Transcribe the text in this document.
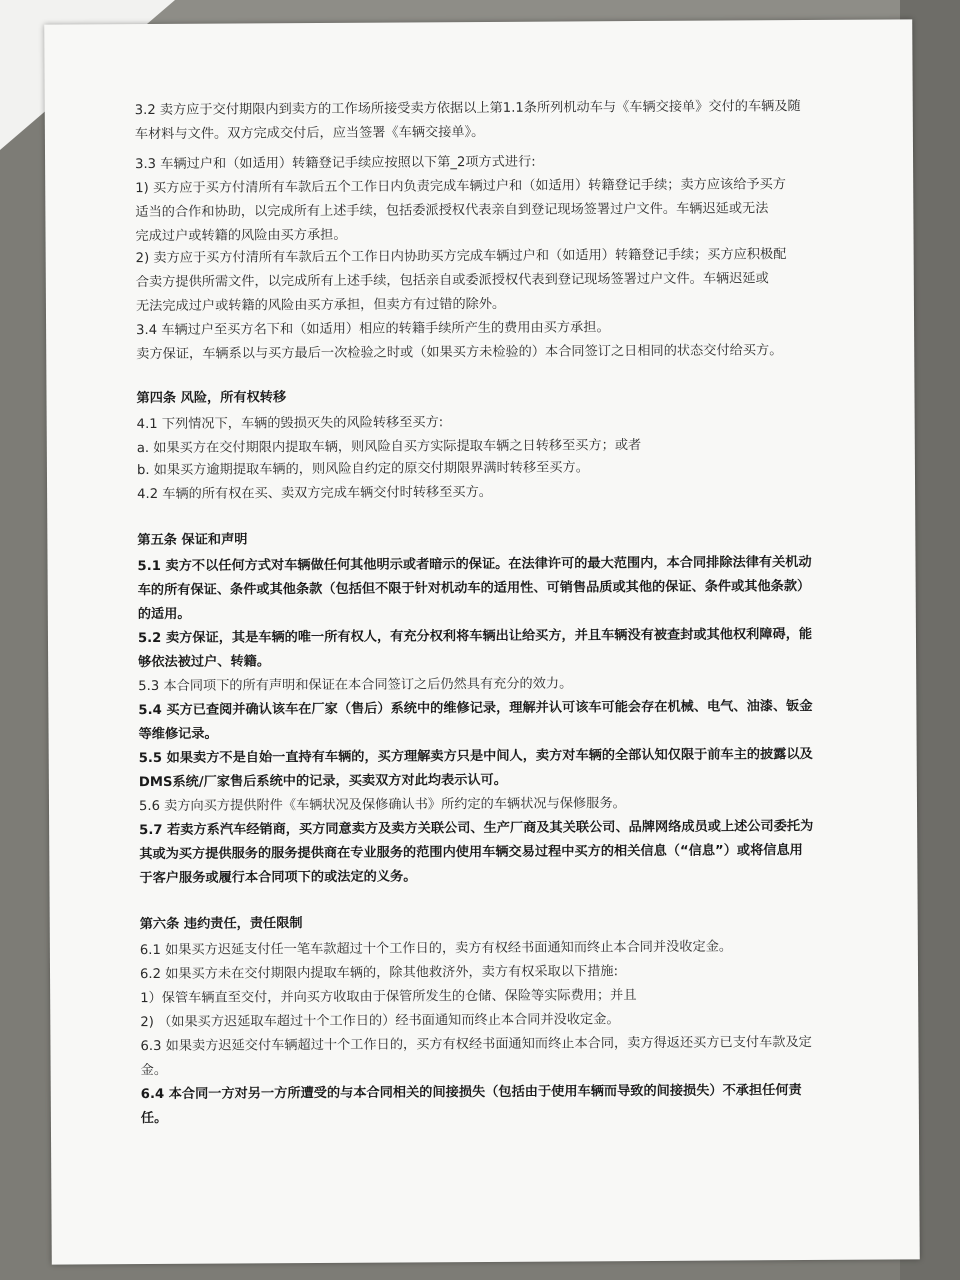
3.2 卖方应于交付期限内到卖方的工作场所接受卖方依据以上第1.1条所列机动车与《车辆交接单》交付的车辆及随
车材料与文件。双方完成交付后，应当签署《车辆交接单》。
3.3 车辆过户和（如适用）转籍登记手续应按照以下第_2项方式进行:
1) 买方应于买方付清所有车款后五个工作日内负责完成车辆过户和（如适用）转籍登记手续；卖方应该给予买方
适当的合作和协助，以完成所有上述手续，包括委派授权代表亲自到登记现场签署过户文件。车辆迟延或无法
完成过户或转籍的风险由买方承担。
2) 卖方应于买方付清所有车款后五个工作日内协助买方完成车辆过户和（如适用）转籍登记手续；买方应积极配
合卖方提供所需文件，以完成所有上述手续，包括亲自或委派授权代表到登记现场签署过户文件。车辆迟延或
无法完成过户或转籍的风险由买方承担，但卖方有过错的除外。
3.4 车辆过户至买方名下和（如适用）相应的转籍手续所产生的费用由买方承担。
卖方保证，车辆系以与买方最后一次检验之时或（如果买方未检验的）本合同签订之日相同的状态交付给买方。
第四条 风险，所有权转移
4.1 下列情况下，车辆的毁损灭失的风险转移至买方:
a. 如果买方在交付期限内提取车辆，则风险自买方实际提取车辆之日转移至买方；或者
b. 如果买方逾期提取车辆的，则风险自约定的原交付期限界满时转移至买方。
4.2 车辆的所有权在买、卖双方完成车辆交付时转移至买方。
第五条 保证和声明
5.1 卖方不以任何方式对车辆做任何其他明示或者暗示的保证。在法律许可的最大范围内，本合同排除法律有关机动
车的所有保证、条件或其他条款（包括但不限于针对机动车的适用性、可销售品质或其他的保证、条件或其他条款）
的适用。
5.2 卖方保证，其是车辆的唯一所有权人，有充分权利将车辆出让给买方，并且车辆没有被查封或其他权利障碍，能
够依法被过户、转籍。
5.3 本合同项下的所有声明和保证在本合同签订之后仍然具有充分的效力。
5.4 买方已查阅并确认该车在厂家（售后）系统中的维修记录，理解并认可该车可能会存在机械、电气、油漆、钣金
等维修记录。
5.5 如果卖方不是自始一直持有车辆的，买方理解卖方只是中间人，卖方对车辆的全部认知仅限于前车主的披露以及
DMS系统/厂家售后系统中的记录，买卖双方对此均表示认可。
5.6 卖方向买方提供附件《车辆状况及保修确认书》所约定的车辆状况与保修服务。
5.7 若卖方系汽车经销商，买方同意卖方及卖方关联公司、生产厂商及其关联公司、品牌网络成员或上述公司委托为
其或为买方提供服务的服务提供商在专业服务的范围内使用车辆交易过程中买方的相关信息（“信息”）或将信息用
于客户服务或履行本合同项下的或法定的义务。
第六条 违约责任，责任限制
6.1 如果买方迟延支付任一笔车款超过十个工作日的，卖方有权经书面通知而终止本合同并没收定金。
6.2 如果买方未在交付期限内提取车辆的，除其他救济外，卖方有权采取以下措施:
1）保管车辆直至交付，并向买方收取由于保管所发生的仓储、保险等实际费用；并且
2) （如果买方迟延取车超过十个工作日的）经书面通知而终止本合同并没收定金。
6.3 如果卖方迟延交付车辆超过十个工作日的，买方有权经书面通知而终止本合同，卖方得返还买方已支付车款及定
金。
6.4 本合同一方对另一方所遭受的与本合同相关的间接损失（包括由于使用车辆而导致的间接损失）不承担任何责
任。
